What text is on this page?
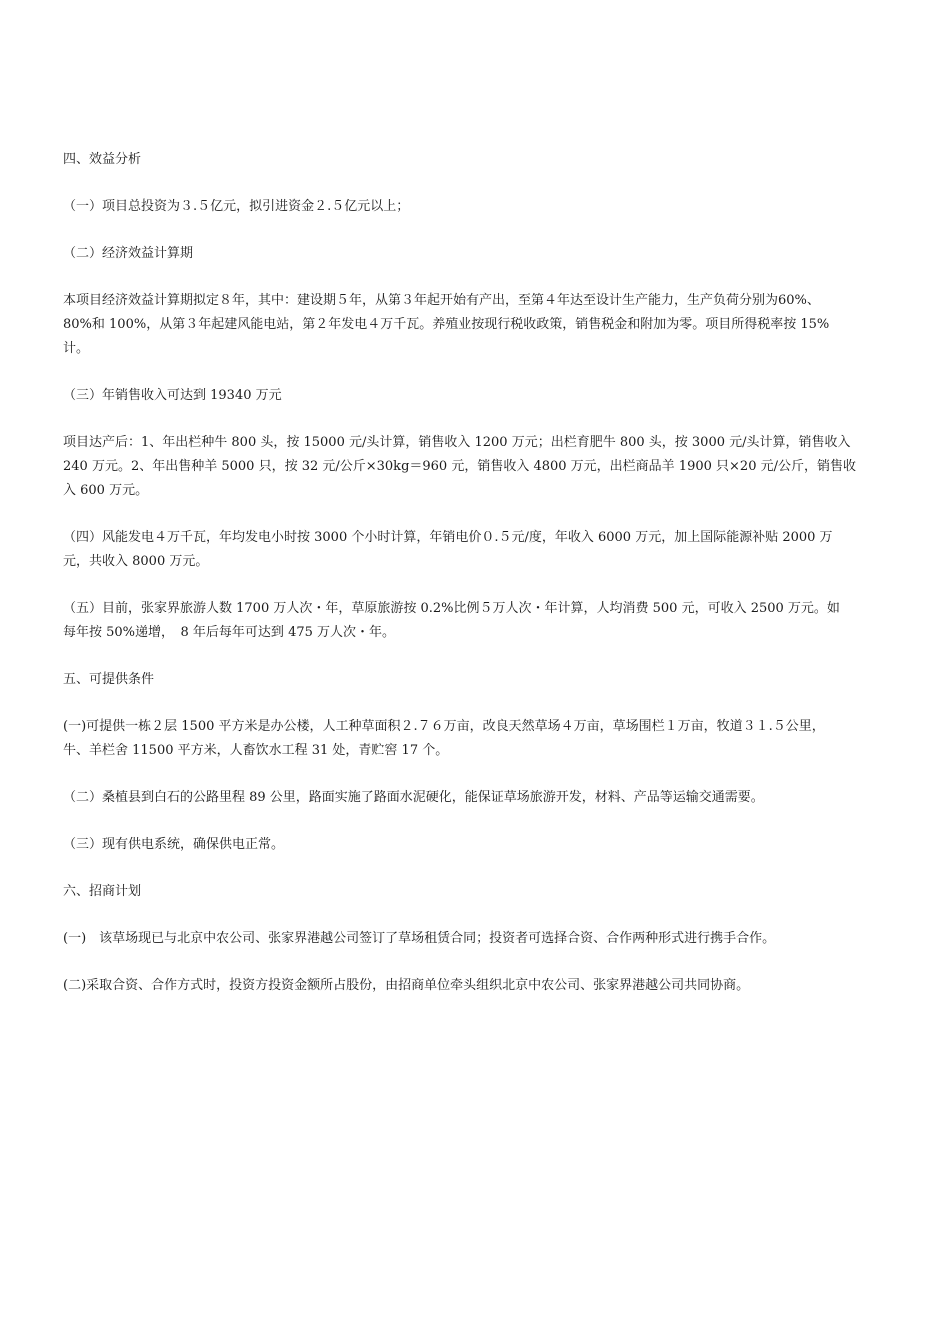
四、效益分析

（一）项目总投资为３.５亿元，拟引进资金２.５亿元以上；

（二）经济效益计算期

本项目经济效益计算期拟定８年，其中：建设期５年，从第３年起开始有产出，至第４年达至设计生产能力，生产负荷分别为60%、
80%和 100%，从第３年起建风能电站，第２年发电４万千瓦。养殖业按现行税收政策，销售税金和附加为零。项目所得税率按 15%
计。

（三）年销售收入可达到 19340 万元

项目达产后：1、年出栏种牛 800 头，按 15000 元/头计算，销售收入 1200 万元；出栏育肥牛 800 头，按 3000 元/头计算，销售收入
240 万元。2、年出售种羊 5000 只，按 32 元/公斤×30kg＝960 元，销售收入 4800 万元，出栏商品羊 1900 只×20 元/公斤，销售收
入 600 万元。

（四）风能发电４万千瓦，年均发电小时按 3000 个小时计算，年销电价０.５元/度，年收入 6000 万元，加上国际能源补贴 2000 万
元，共收入 8000 万元。

（五）目前，张家界旅游人数 1700 万人次・年，草原旅游按 0.2%比例５万人次・年计算，人均消费 500 元，可收入 2500 万元。如
每年按 50%递增，　8 年后每年可达到 475 万人次・年。

五、可提供条件

(一)可提供一栋２层 1500 平方米是办公楼，人工种草面积２.７６万亩，改良天然草场４万亩，草场围栏１万亩，牧道３１.５公里，
牛、羊栏舍 11500 平方米，人畜饮水工程 31 处，青贮窖 17 个。

（二）桑植县到白石的公路里程 89 公里，路面实施了路面水泥硬化，能保证草场旅游开发，材料、产品等运输交通需要。

（三）现有供电系统，确保供电正常。

六、招商计划

(一)　该草场现已与北京中农公司、张家界港越公司签订了草场租赁合同；投资者可选择合资、合作两种形式进行携手合作。

(二)采取合资、合作方式时，投资方投资金额所占股份，由招商单位牵头组织北京中农公司、张家界港越公司共同协商。
